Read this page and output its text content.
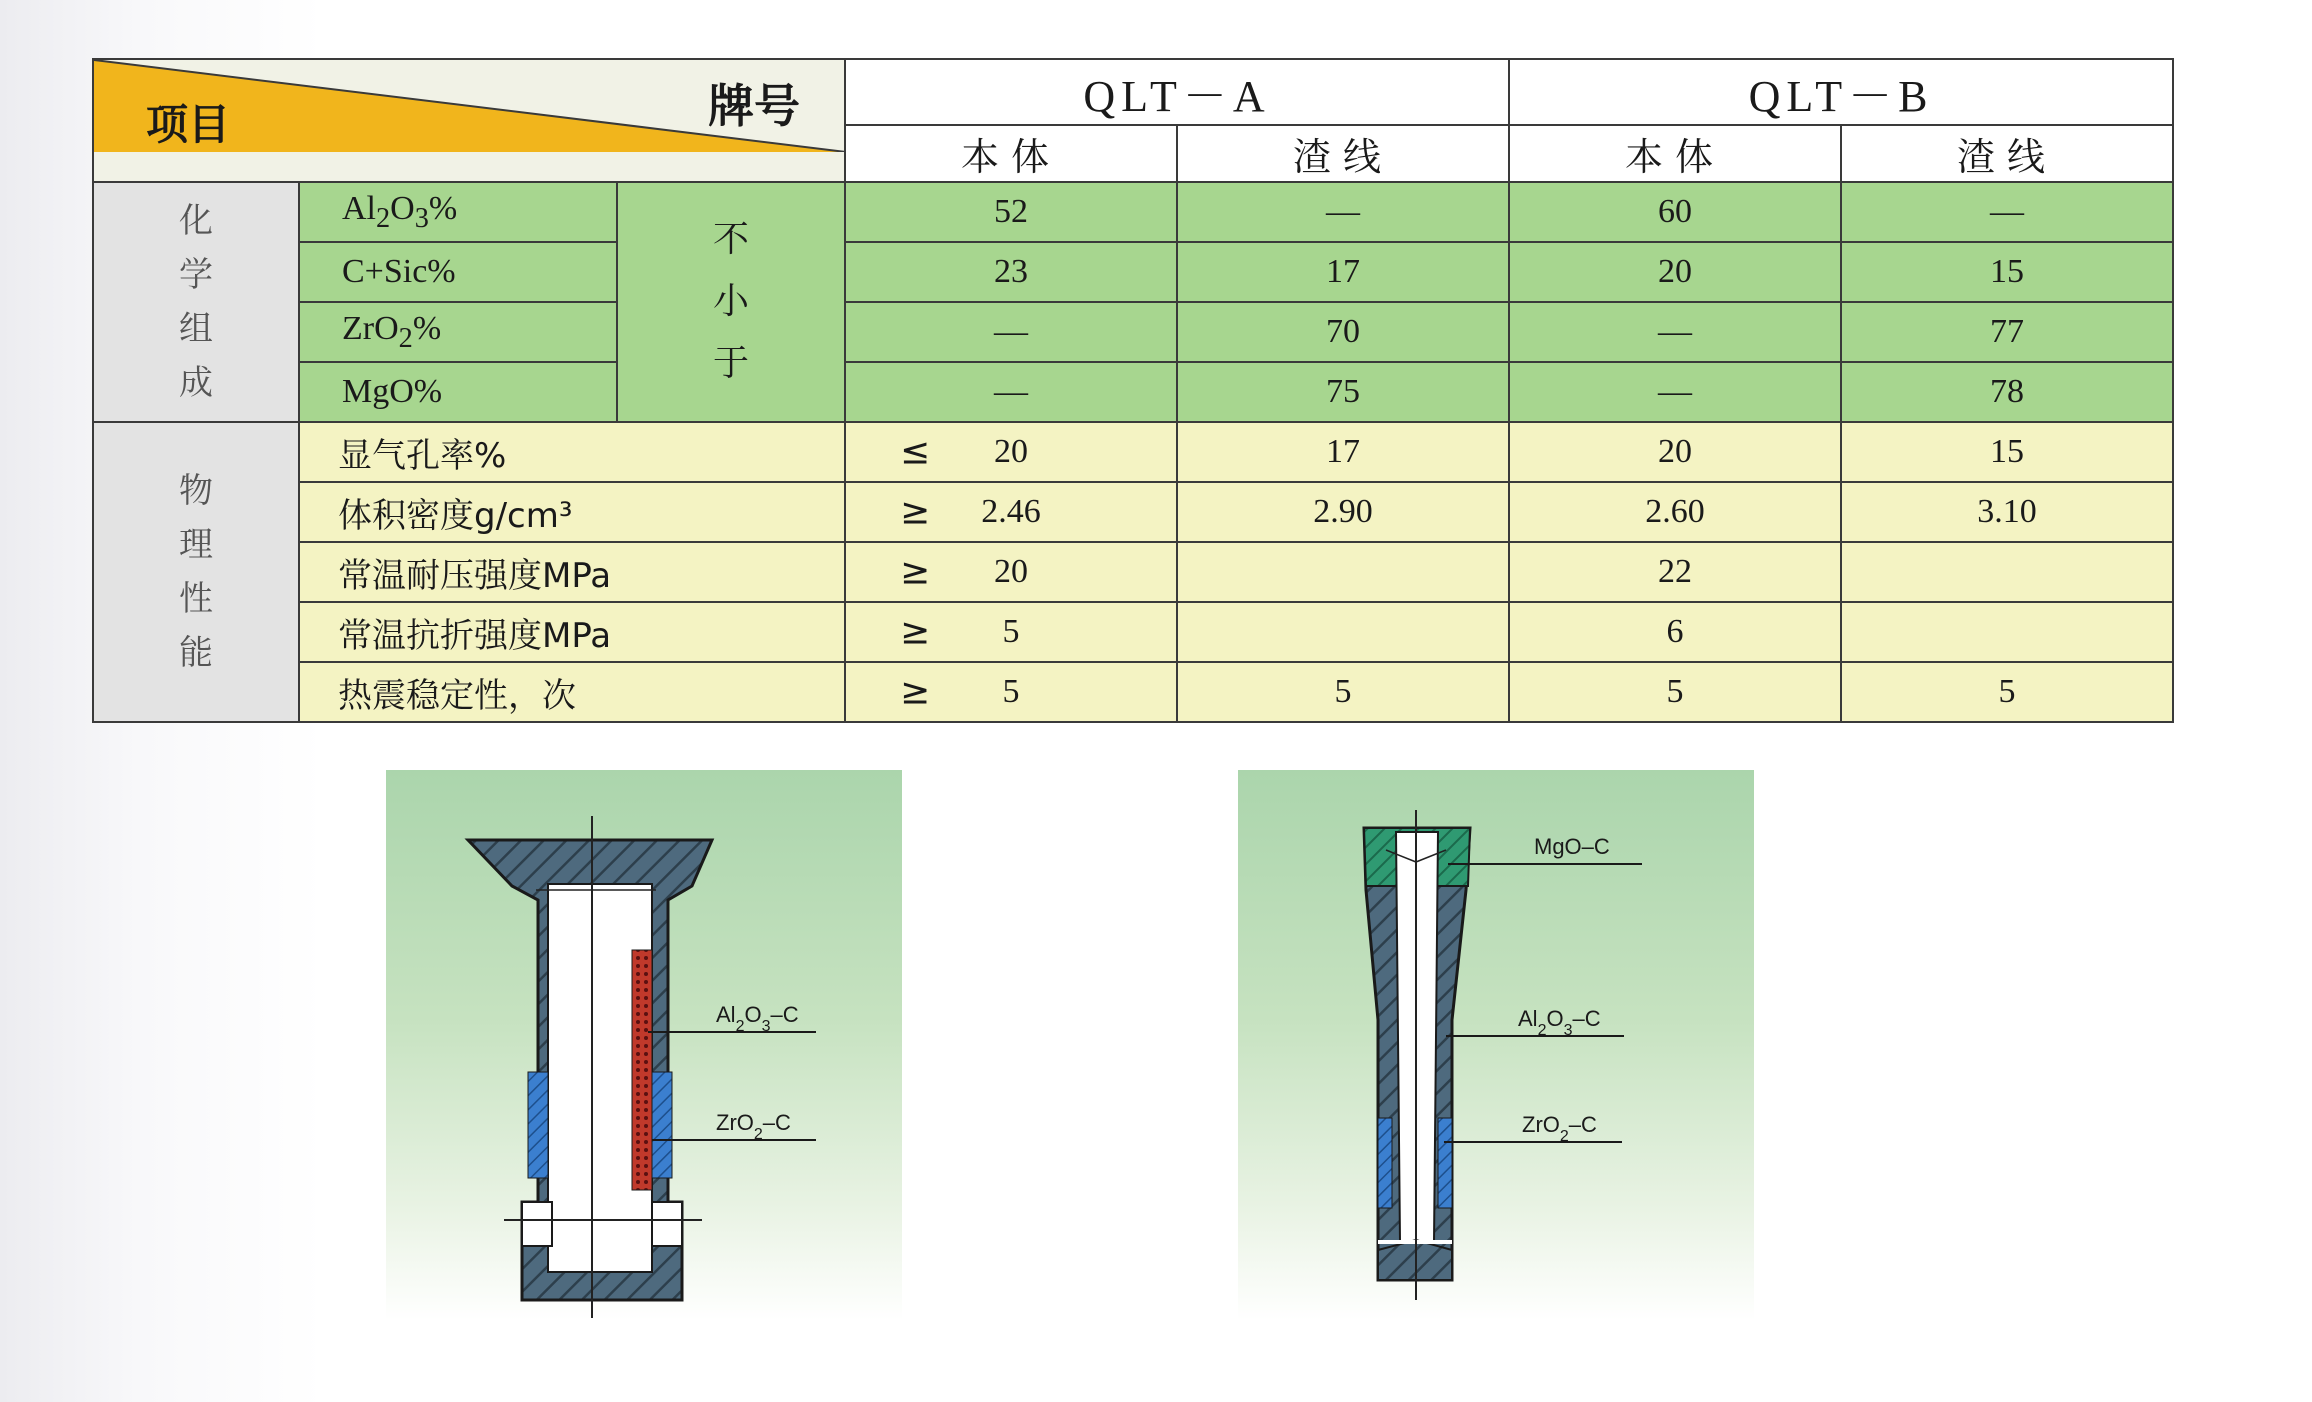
牌号
项目			QLT－A		QLT－B	
			本体	渣线	本体	渣线
化学组成	$Al_2O_3\%$	不小于	52	—	60	—
	C+Sic%		23	17	20	15
	ZrO$_2$%		—	70	—	77
	MgO%		—	75	—	78
物理性能	显气孔率% ≤		20	17	20	15
	体积密度g/cm³ ≥		2.46	2.90	2.60	3.10
	常温耐压强度MPa ≥		20		22	
	常温抗折强度MPa ≥		5		6	
	热震稳定性，次 ≥		5	5	5	5
$Al_2O_3-C$
ZrO$_2$–C
MgO–C
$Al_2O_3-C$
ZrO$_2$–C
